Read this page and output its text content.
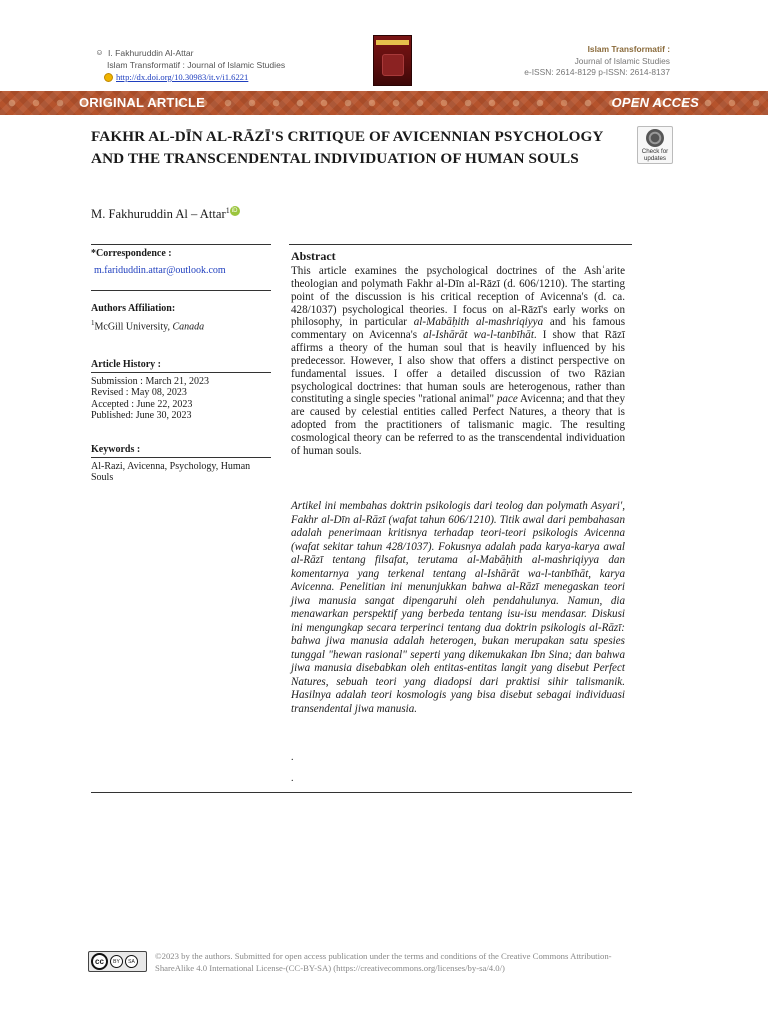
☺ I. Fakhuruddin Al-Attar
Islam Transformatif : Journal of Islamic Studies
http://dx.doi.org/10.30983/it.v/i1.6221
Islam Transformatif :
Journal of Islamic Studies
e-ISSN: 2614-8129 p-ISSN: 2614-8137
ORIGINAL ARTICLE	OPEN ACCES
FAKHR AL-DĪN AL-RĀZĪ'S CRITIQUE OF AVICENNIAN PSYCHOLOGY AND THE TRANSCENDENTAL INDIVIDUATION OF HUMAN SOULS	Check for
updates
M. Fakhuruddin Al – Attar$^1$ iD
*Correspondence :
m.fariduddin.attar@outlook.com
Authors Affiliation:
$^1$McGill University, Canada
Article History :
Submission : March 21, 2023
Revised : May 08, 2023
Accepted : June 22, 2023
Published: June 30, 2023
Keywords :
Al-Razi, Avicenna, Psychology, Human Souls
Abstract
This article examines the psychological doctrines of the Ashʿarite theologian and polymath Fakhr al-Dīn al-Rāzī (d. 606/1210). The starting point of the discussion is his critical reception of Avicenna's (d. ca. 428/1037) psychological theories. I focus on al-Rāzī's early works on philosophy, in particular al-Mabāḥith al-mashriqiyya and his famous commentary on Avicenna's al-Ishārāt wa-l-tanbīhāt. I show that Rāzī affirms a theory of the human soul that is heavily influenced by his predecessor. However, I also show that offers a distinct perspective on fundamental issues. I offer a detailed discussion of two Rāzian psychological doctrines: that human souls are heterogenous, rather than constituting a single species "rational animal" pace Avicenna; and that they are caused by celestial entities called Perfect Natures, a theory that is adopted from the practitioners of talismanic magic. The resulting cosmological theory can be referred to as the transcendental individuation of human souls.
Artikel ini membahas doktrin psikologis dari teolog dan polymath Asyari', Fakhr al-Dīn al-Rāzī (wafat tahun 606/1210). Titik awal dari pembahasan adalah penerimaan kritisnya terhadap teori-teori psikologis Avicenna (wafat sekitar tahun 428/1037). Fokusnya adalah pada karya-karya awal al-Rāzī tentang filsafat, terutama al-Mabāḥith al-mashriqiyya dan komentarnya yang terkenal tentang al-Ishārāt wa-l-tanbīhāt, karya Avicenna. Penelitian ini menunjukkan bahwa al-Rāzī menegaskan teori jiwa manusia sangat dipengaruhi oleh pendahulunya. Namun, dia menawarkan perspektif yang berbeda tentang isu-isu mendasar. Diskusi ini mengungkap secara terperinci tentang dua doktrin psikologis al-Rāzī: bahwa jiwa manusia adalah heterogen, bukan merupakan satu spesies tunggal "hewan rasional" seperti yang dikemukakan Ibn Sina; dan bahwa jiwa manusia disebabkan oleh entitas-entitas langit yang disebut Perfect Natures, sebuah teori yang diadopsi dari praktisi sihir talismanik. Hasilnya adalah teori kosmologis yang bisa disebut sebagai individuasi transendental jiwa manusia.
.
.
cc	BY SA
©2023 by the authors. Submitted for open access publication under the terms and conditions of the Creative Commons Attribution-ShareAlike 4.0 International License-(CC-BY-SA) (https://creativecommons.org/licenses/by-sa/4.0/)
